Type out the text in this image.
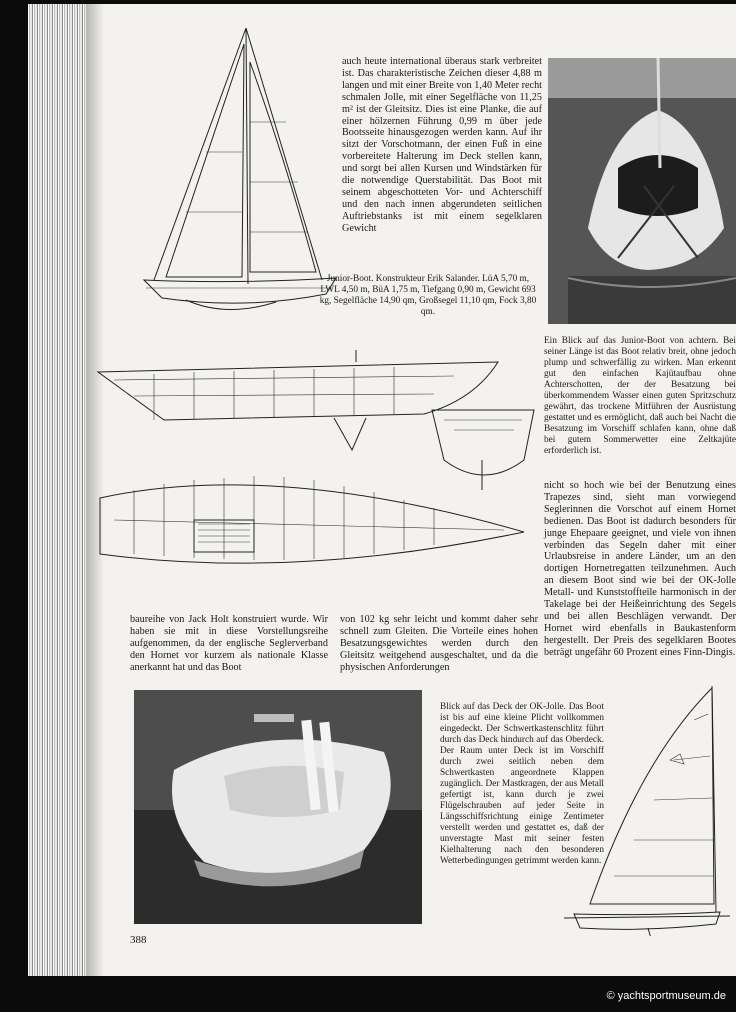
auch heute international überaus stark verbreitet ist. Das charakteristische Zeichen dieser 4,88 m langen und mit einer Breite von 1,40 Meter recht schmalen Jolle, mit einer Segelfläche von 11,25 m² ist der Gleitsitz. Dies ist eine Planke, die auf einer hölzernen Führung 0,99 m über jede Bootsseite hinausgezogen werden kann. Auf ihr sitzt der Vorschotmann, der einen Fuß in eine vorbereitete Halterung im Deck stellen kann, und sorgt bei allen Kursen und Windstärken für die notwendige Querstabilität. Das Boot mit seinem abgeschotteten Vor- und Achterschiff und den nach innen abgerundeten seitlichen Auftriebstanks ist mit einem segelklaren Gewicht
Junior-Boot. Konstrukteur Erik Salander. LüA 5,70 m, LWL 4,50 m, BüA 1,75 m, Tiefgang 0,90 m, Gewicht 693 kg, Segelfläche 14,90 qm, Großsegel 11,10 qm, Fock 3,80 qm.
Ein Blick auf das Junior-Boot von achtern. Bei seiner Länge ist das Boot relativ breit, ohne jedoch plump und schwerfällig zu wirken. Man erkennt gut den einfachen Kajütaufbau ohne Achterschotten, der der Besatzung bei überkommendem Wasser einen guten Spritzschutz gewährt, das trockene Mitführen der Ausrüstung gestattet und es ermöglicht, daß auch bei Nacht die Besatzung im Vorschiff schlafen kann, ohne daß bei gutem Sommerwetter eine Zeltkajüte erforderlich ist.
nicht so hoch wie bei der Benutzung eines Trapezes sind, sieht man vorwiegend Seglerinnen die Vorschot auf einem Hornet bedienen. Das Boot ist dadurch besonders für junge Ehepaare geeignet, und viele von ihnen verbinden das Segeln daher mit einer Urlaubsreise in andere Länder, um an den dortigen Hornetregatten teilzunehmen. Auch an diesem Boot sind wie bei der OK-Jolle Metall- und Kunststoffteile harmonisch in der Takelage bei der Heißeinrichtung des Segels und bei allen Beschlägen verwandt. Der Hornet wird ebenfalls in Baukastenform hergestellt. Der Preis des segelklaren Bootes beträgt ungefähr 60 Prozent eines Finn-Dingis.
baureihe von Jack Holt konstruiert wurde. Wir haben sie mit in diese Vorstellungsreihe aufgenommen, da der englische Seglerverband den Hornet vor kurzem als nationale Klasse anerkannt hat und das Boot
von 102 kg sehr leicht und kommt daher sehr schnell zum Gleiten. Die Vorteile eines hohen Besatzungsgewichtes werden durch den Gleitsitz weitgehend ausgeschaltet, und da die physischen Anforderungen
Blick auf das Deck der OK-Jolle. Das Boot ist bis auf eine kleine Plicht vollkommen eingedeckt. Der Schwertkastenschlitz führt durch das Deck hindurch auf das Oberdeck. Der Raum unter Deck ist im Vorschiff durch zwei seitlich neben dem Schwertkasten angeordnete Klappen zugänglich. Der Mastkragen, der aus Metall gefertigt ist, kann durch je zwei Flügelschrauben auf jeder Seite in Längsschiffsrichtung einige Zentimeter verstellt werden und gestattet es, daß der unverstagte Mast mit seiner festen Kielhalterung nach den besonderen Wetterbedingungen getrimmt werden kann.
388
© yachtsportmuseum.de
